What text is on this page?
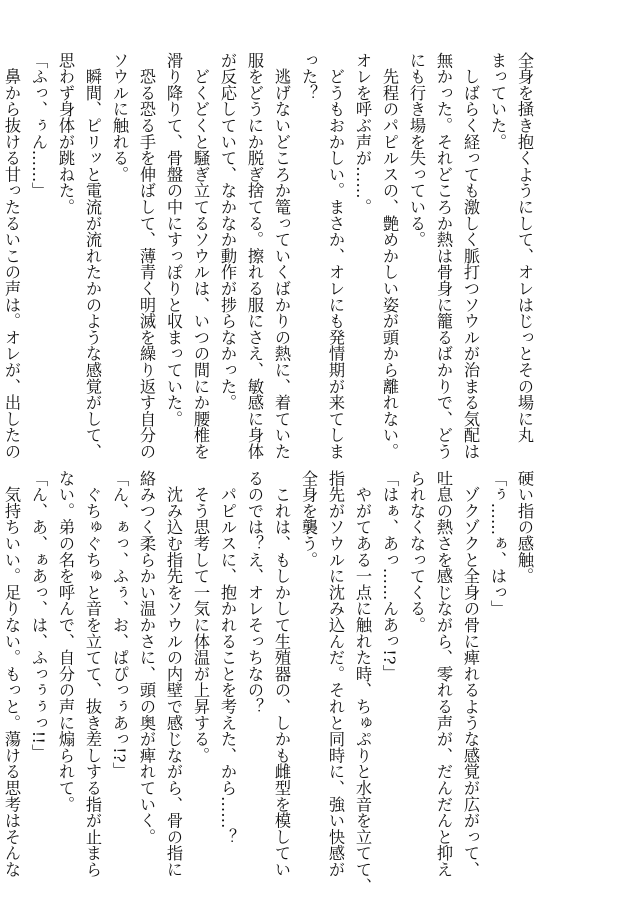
全身を掻き抱くようにして、オレはじっとその場に丸
まっていた。
　しばらく経っても激しく脈打つソウルが治まる気配は
無かった。それどころか熱は骨身に籠るばかりで、どう
にも行き場を失っている。
　先程のパピルスの、艶めかしい姿が頭から離れない。
オレを呼ぶ声が……。
　どうもおかしい。まさか、オレにも発情期が来てしま
った？
　逃げないどころか篭っていくばかりの熱に、着ていた
服をどうにか脱ぎ捨てる。擦れる服にさえ、敏感に身体
が反応していて、なかなか動作が捗らなかった。
　どくどくと騒ぎ立てるソウルは、いつの間にか腰椎を
滑り降りて、骨盤の中にすっぽりと収まっていた。
　恐る恐る手を伸ばして、薄青く明滅を繰り返す自分の
ソウルに触れる。
　瞬間、ピリッと電流が流れたかのような感覚がして、
思わず身体が跳ねた。
「ふっ、ぅん……」
　鼻から抜ける甘ったるいこの声は。オレが、出したの
硬い指の感触。
「ぅ……ぁ、はっ」
　ゾクゾクと全身の骨に痺れるような感覚が広がって、
吐息の熱さを感じながら、零れる声が、だんだんと抑え
られなくなってくる。
「はぁ、あっ……んあっ!?」
　やがてある一点に触れた時、ちゅぷりと水音を立てて、
指先がソウルに沈み込んだ。それと同時に、強い快感が
全身を襲う。
　これは、もしかして生殖器の、しかも雌型を模してい
るのでは？え、オレそっちなの？
　パピルスに、抱かれることを考えた、から……？
　そう思考して一気に体温が上昇する。
　沈み込む指先をソウルの内壁で感じながら、骨の指に
絡みつく柔らかい温かさに、頭の奥が痺れていく。
「ん、ぁっ、ふぅ、お、ぱぴっぅあっ!?」
　ぐちゅぐちゅと音を立てて、抜き差しする指が止まら
ない。弟の名を呼んで、自分の声に煽られて。
「ん、あ、ぁあっ、は、ふっぅぅっ!!」
　気持ちいい。足りない。もっと。蕩ける思考はそんな
